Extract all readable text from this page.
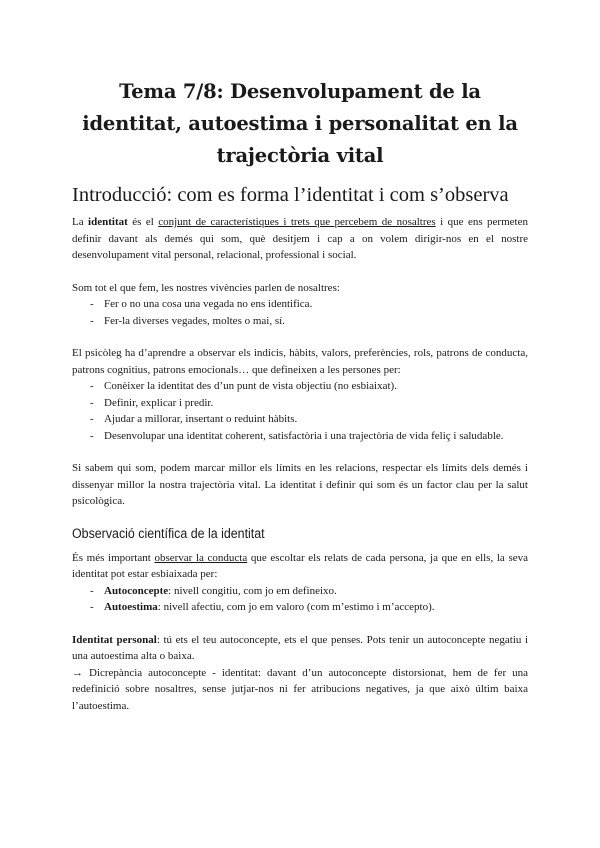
Tema 7/8: Desenvolupament de la identitat, autoestima i personalitat en la trajectòria vital
Introducció: com es forma l’identitat i com s’observa

La identitat és el conjunt de característiques i trets que percebem de nosaltres i que ens permeten definir davant als demés qui som, què desitjem i cap a on volem dirigir-nos en el nostre desenvolupament vital personal, relacional, professional i social.

Som tot el que fem, les nostres vivències parlen de nosaltres:

- Fer o no una cosa una vegada no ens identifica.
- Fer-la diverses vegades, moltes o mai, sí.

El psicòleg ha d’aprendre a observar els indicis, hàbits, valors, preferències, rols, patrons de conducta, patrons cognitius, patrons emocionals… que defineixen a les persones per:

- Conèixer la identitat des d’un punt de vista objectiu (no esbiaixat).
- Definir, explicar i predir.
- Ajudar a millorar, insertant o reduint hàbits.
- Desenvolupar una identitat coherent, satisfactòria i una trajectòria de vida feliç i saludable.

Si sabem qui som, podem marcar millor els límits en les relacions, respectar els límits dels demés i dissenyar millor la nostra trajectòria vital. La identitat i definir qui som és un factor clau per la salut psicològica.

Observació científica de la identitat

És més important observar la conducta que escoltar els relats de cada persona, ja que en ells, la seva identitat pot estar esbiaixada per:

- Autoconcepte: nivell congitiu, com jo em defineixo.
- Autoestima: nivell afectiu, com jo em valoro (com m’estimo i m’accepto).

Identitat personal: tú ets el teu autoconcepte, ets el que penses. Pots tenir un autoconcepte negatiu i una autoestima alta o baixa.

→ Dicrepància autoconcepte - identitat: davant d’un autoconcepte distorsionat, hem de fer una redefinició sobre nosaltres, sense jutjar-nos ni fer atribucions negatives, ja que això últim baixa l’autoestima.
